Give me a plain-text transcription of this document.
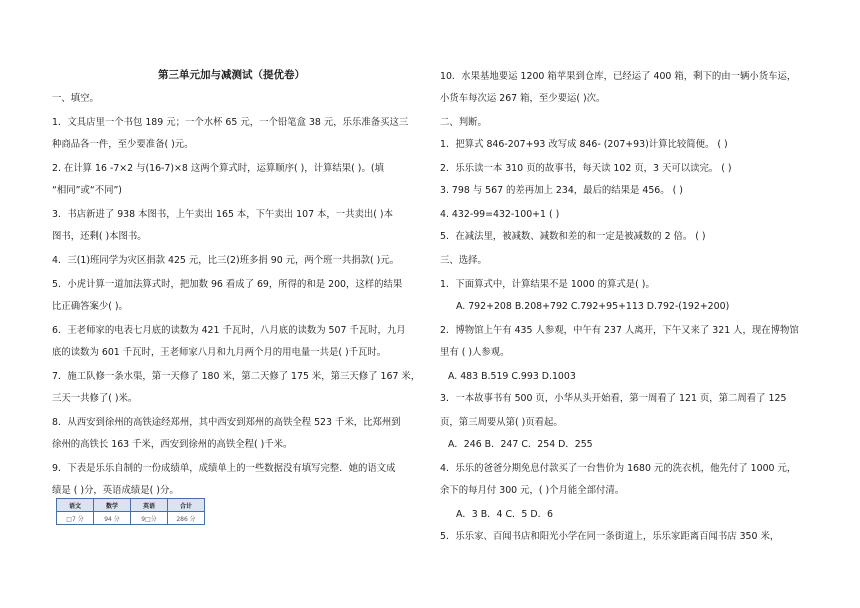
第三单元加与减测试（提优卷）
一、填空。
1．文具店里一个书包 189 元；一个水杯 65 元，一个铅笔盒 38 元，乐乐准备买这三
种商品各一件，至少要准备( )元。
2. 在计算 16 -7×2 与(16-7)×8 这两个算式时，运算顺序( )，计算结果( )。(填
“相同”或“不同”)
3．书店新进了 938 本图书，上午卖出 165 本，下午卖出 107 本，一共卖出( )本
图书，还剩( )本图书。
4．三(1)班同学为灾区捐款 425 元，比三(2)班多捐 90 元，两个班一共捐款( )元。
5．小虎计算一道加法算式时，把加数 96 看成了 69，所得的和是 200，这样的结果
比正确答案少( )。
6．王老师家的电表七月底的读数为 421 千瓦时，八月底的读数为 507 千瓦时，九月
底的读数为 601 千瓦时，王老师家八月和九月两个月的用电量一共是( )千瓦时。
7．施工队修一条水渠，第一天修了 180 米，第二天修了 175 米，第三天修了 167 米，
三天一共修了( )米。
8．从西安到徐州的高铁途经郑州，其中西安到郑州的高铁全程 523 千米，比郑州到
徐州的高铁长 163 千米，西安到徐州的高铁全程( )千米。
9．下表是乐乐自制的一份成绩单，成绩单上的一些数据没有填写完整．她的语文成
绩是 ( )分，英语成绩是( )分。
语文	数学	英语	合计
□7 分	94 分	9□分	286 分
10．水果基地要运 1200 箱苹果到仓库，已经运了 400 箱，剩下的由一辆小货车运，
小货车每次运 267 箱，至少要运( )次。
二、判断。
1．把算式 846-207+93 改写成 846- (207+93)计算比较简便。 ( )
2．乐乐读一本 310 页的故事书，每天读 102 页，3 天可以读完。 ( )
3. 798 与 567 的差再加上 234，最后的结果是 456。 ( )
4. 432-99=432-100+1 ( )
5．在减法里，被减数、减数和差的和一定是被减数的 2 倍。 ( )
三、选择。
1．下面算式中，计算结果不是 1000 的算式是( )。
A. 792+208 B.208+792 C.792+95+113 D.792-(192+200)
2．博物馆上午有 435 人参观，中午有 237 人离开，下午又来了 321 人，现在博物馆
里有 ( )人参观。
A. 483 B.519 C.993 D.1003
3．一本故事书有 500 页，小华从头开始看，第一周看了 121 页，第二周看了 125
页，第三周要从第( )页看起。
A．246 B．247 C．254 D．255
4．乐乐的爸爸分期免息付款买了一台售价为 1680 元的洗衣机，他先付了 1000 元，
余下的每月付 300 元，( )个月能全部付清。
A．3 B．4 C．5 D．6
5．乐乐家、百闻书店和阳光小学在同一条街道上，乐乐家距离百闻书店 350 米，
